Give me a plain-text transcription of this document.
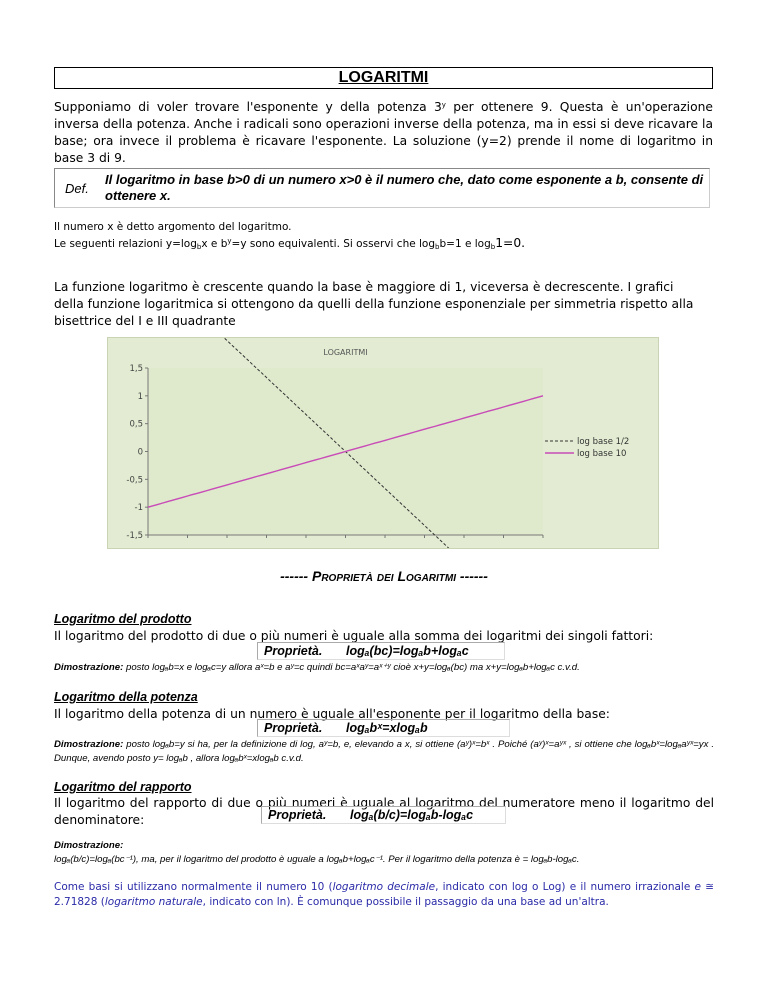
LOGARITMI
Supponiamo di voler trovare l'esponente y della potenza 3$^y$ per ottenere 9. Questa è un'operazione inversa della potenza. Anche i radicali sono operazioni inverse della potenza, ma in essi si deve ricavare la base; ora invece il problema è ricavare l'esponente. La soluzione (y=2) prende il nome di logaritmo in base 3 di 9.
Def.
Il logaritmo in base b>0 di un numero x>0 è il numero che, dato come esponente a b, consente di ottenere x.
Il numero x è detto argomento del logaritmo.
Le seguenti relazioni $y=\log_bx$ e $b^y=y$ sono equivalenti. Si osservi che $\log_bb=1$ e $\log_b1=0$.
La funzione logaritmo è crescente quando la base è maggiore di 1, viceversa è decrescente. I grafici della funzione logaritmica si ottengono da quelli della funzione esponenziale per simmetria rispetto alla bisettrice del I e III quadrante
LOGARITMI
1,5
1
0,5
0
-0,5
-1
-1,5
log base 1/2
log base 10
------ PROPRIETÀ DEI LOGARITMI ------
Logaritmo del prodotto
Il logaritmo del prodotto di due o più numeri è uguale alla somma dei logaritmi dei singoli fattori:
Proprietà. logₐ(bc)=logₐb+logₐc
Dimostrazione: posto logₐb=x e logₐc=y allora aˣ=b e aʸ=c quindi bc=aˣaʸ=aˣ⁺ʸ cioè x+y=logₐ(bc) ma x+y=logₐb+logₐc c.v.d.
Logaritmo della potenza
Il logaritmo della potenza di un numero è uguale all'esponente per il logaritmo della base:
Proprietà. logₐbˣ=xlogₐb
Dimostrazione: posto logₐb=y si ha, per la definizione di log, aʸ=b, e, elevando a x, si ottiene (aʸ)ˣ=bˣ . Poiché (aʸ)ˣ=aʸˣ , si ottiene che logₐbˣ=logₐaʸˣ=yx . Dunque, avendo posto y= logₐb , allora logₐbˣ=xlogₐb c.v.d.
Logaritmo del rapporto
Il logaritmo del rapporto di due o più numeri è uguale al logaritmo del numeratore meno il logaritmo del denominatore:	Proprietà. logₐ(b/c)=logₐb-logₐc
Dimostrazione:
logₐ(b/c)=logₐ(bc⁻¹), ma, per il logaritmo del prodotto è uguale a logₐb+logₐc⁻¹. Per il logaritmo della potenza è = logₐb-logₐc.
Come basi si utilizzano normalmente il numero 10 (logaritmo decimale, indicato con log o Log) e il numero irrazionale e ≅ 2.71828 (logaritmo naturale, indicato con ln). È comunque possibile il passaggio da una base ad un'altra.
